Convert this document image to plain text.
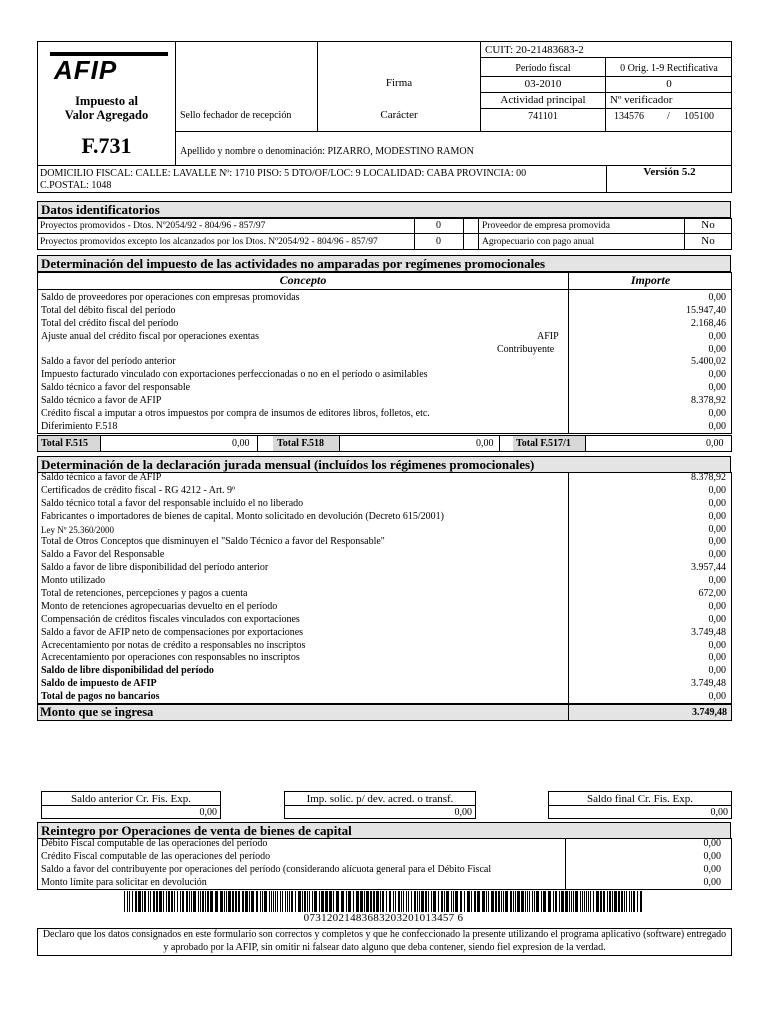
AFIP
Impuesto al
Valor Agregado
F.731
Sello fechador de recepción
Firma
Carácter
CUIT: 20-21483683-2
Período fiscal
03-2010
0 Orig. 1-9 Rectificativa
0
Actividad principal
741101
Nº verificador
134576 / 105100
Apellido y nombre o denominación: PIZARRO, MODESTINO RAMON
DOMICILIO FISCAL: CALLE: LAVALLE Nº: 1710 PISO: 5 DTO/OF/LOC: 9 LOCALIDAD: CABA PROVINCIA: 00
C.POSTAL: 1048
Versión 5.2
Datos identificatorios
Proyectos promovidos - Dtos. Nº2054/92 - 804/96 - 857/97	0
Proyectos promovidos excepto los alcanzados por los Dtos. Nº2054/92 - 804/96 - 857/97	0
Proveedor de empresa promovida	No
Agropecuario con pago anual	No
Determinación del impuesto de las actividades no amparadas por regímenes promocionales
Concepto	Importe
Saldo de proveedores por operaciones con empresas promovidas	0,00
Total del débito fiscal del período	15.947,40
Total del crédito fiscal del período	2.168,46
Ajuste anual del crédito fiscal por operaciones exentas	AFIP	0,00
Contribuyente	0,00
Saldo a favor del período anterior	5.400,02
Impuesto facturado vinculado con exportaciones perfeccionadas o no en el período o asimilables	0,00
Saldo técnico a favor del responsable	0,00
Saldo técnico a favor de AFIP	8.378,92
Crédito fiscal a imputar a otros impuestos por compra de insumos de editores libros, folletos, etc.	0,00
Diferimiento F.518	0,00
Total F.515	0,00	Total F.518	0,00 Total F.517/1	0,00
Determinación de la declaración jurada mensual (incluídos los régimenes promocionales)
Saldo técnico a favor de AFIP	8.378,92
Certificados de crédito fiscal - RG 4212 - Art. 9º	0,00
Saldo técnico total a favor del responsable incluído el no liberado	0,00
Fabricantes o importadores de bienes de capital. Monto solicitado en devolución (Decreto 615/2001)	0,00
Ley Nº 25.360/2000	0,00
Total de Otros Conceptos que disminuyen el "Saldo Técnico a favor del Responsable"	0,00
Saldo a Favor del Responsable	0,00
Saldo a favor de libre disponibilidad del período anterior	3.957,44
Monto utilizado	0,00
Total de retenciones, percepciones y pagos a cuenta	672,00
Monto de retenciones agropecuarias devuelto en el período	0,00
Compensación de créditos fiscales vinculados con exportaciones	0,00
Saldo a favor de AFIP neto de compensaciones por exportaciones	3.749,48
Acrecentamiento por notas de crédito a responsables no inscriptos	0,00
Acrecentamiento por operaciones con responsables no inscriptos	0,00
Saldo de libre disponibilidad del período	0,00
Saldo de impuesto de AFIP	3.749,48
Total de pagos no bancarios	0,00
Monto que se ingresa	3.749,48
Saldo anterior Cr. Fis. Exp.
0,00
Imp. solic. p/ dev. acred. o transf.
0,00
Saldo final Cr. Fis. Exp.
0,00
Reintegro por Operaciones de venta de bienes de capital
Débito Fiscal computable de las operaciones del período	0,00
Crédito Fiscal computable de las operaciones del período	0,00
Saldo a favor del contribuyente por operaciones del período (considerando alícuota general para el Débito Fiscal	0,00
Monto límite para solicitar en devolución	0,00
07312021483683203201013457 6
Declaro que los datos consignados en este formulario son correctos y completos y que he confeccionado la presente utilizando el programa aplicativo (software) entregado y aprobado por la AFIP, sin omitir ni falsear dato alguno que deba contener, siendo fiel expresion de la verdad.
